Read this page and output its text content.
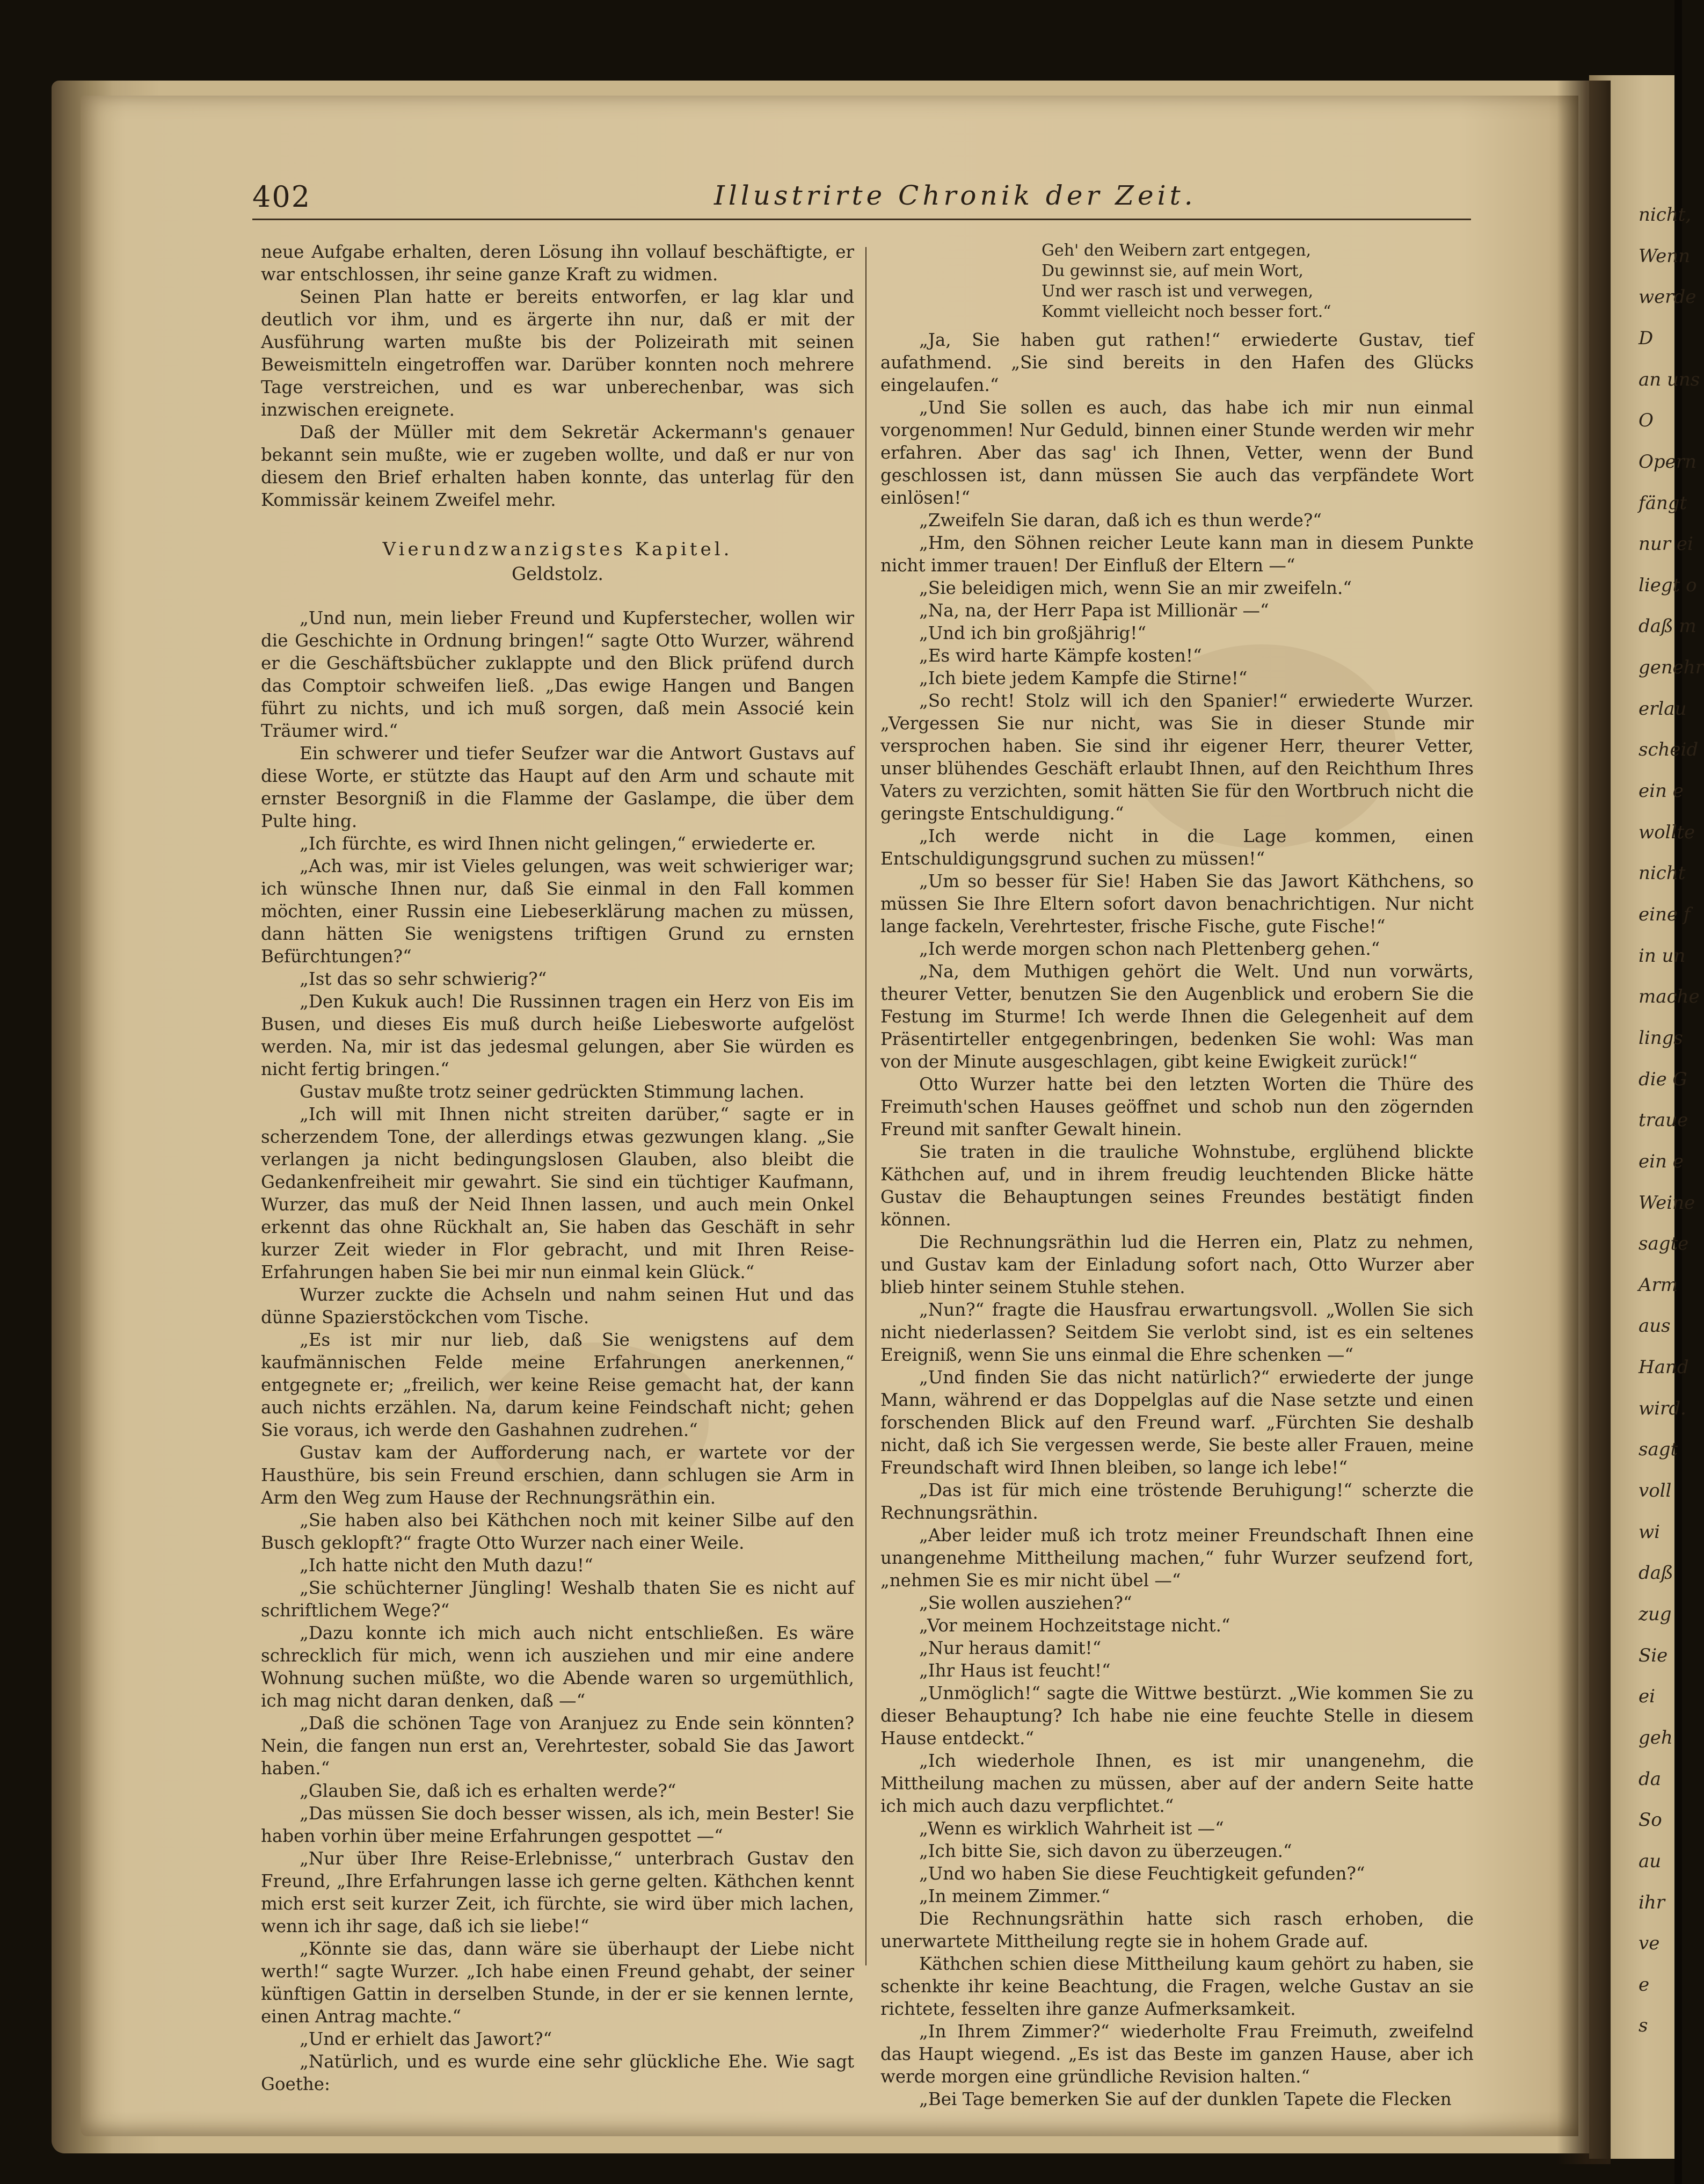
nicht,
Wenn
werde
D
an uns
O
Opern
fängt
nur ei
liegt o
daß m
genehr
erlau
scheid
ein e
wollte
nicht
eine f
in un
mache
lings
die G
traue
ein e
Weine
sagte
Arm
aus
Hand
wird.
sagt
voll
wi
daß
zug
Sie
ei
geh
da
So
au
ihr
ve
e
s
402	Illustrirte Chronik der Zeit.

neue Aufgabe erhalten, deren Lösung ihn vollauf beschäftigte, er war entschlossen, ihr seine ganze Kraft zu widmen.

Seinen Plan hatte er bereits entworfen, er lag klar und deutlich vor ihm, und es ärgerte ihn nur, daß er mit der Ausführung warten mußte bis der Polizeirath mit seinen Beweismitteln eingetroffen war. Darüber konnten noch mehrere Tage verstreichen, und es war unberechenbar, was sich inzwischen ereignete.

Daß der Müller mit dem Sekretär Ackermann's genauer bekannt sein mußte, wie er zugeben wollte, und daß er nur von diesem den Brief erhalten haben konnte, das unterlag für den Kommissär keinem Zweifel mehr.

Vierundzwanzigstes Kapitel.
Geldstolz.

„Und nun, mein lieber Freund und Kupferstecher, wollen wir die Geschichte in Ordnung bringen!“ sagte Otto Wurzer, während er die Geschäftsbücher zuklappte und den Blick prüfend durch das Comptoir schweifen ließ. „Das ewige Hangen und Bangen führt zu nichts, und ich muß sorgen, daß mein Associé kein Träumer wird.“

Ein schwerer und tiefer Seufzer war die Antwort Gustavs auf diese Worte, er stützte das Haupt auf den Arm und schaute mit ernster Besorgniß in die Flamme der Gaslampe, die über dem Pulte hing.

„Ich fürchte, es wird Ihnen nicht gelingen,“ erwiederte er.

„Ach was, mir ist Vieles gelungen, was weit schwieriger war; ich wünsche Ihnen nur, daß Sie einmal in den Fall kommen möchten, einer Russin eine Liebeserklärung machen zu müssen, dann hätten Sie wenigstens triftigen Grund zu ernsten Befürchtungen?“

„Ist das so sehr schwierig?“

„Den Kukuk auch! Die Russinnen tragen ein Herz von Eis im Busen, und dieses Eis muß durch heiße Liebesworte aufgelöst werden. Na, mir ist das jedesmal gelungen, aber Sie würden es nicht fertig bringen.“

Gustav mußte trotz seiner gedrückten Stimmung lachen.

„Ich will mit Ihnen nicht streiten darüber,“ sagte er in scherzendem Tone, der allerdings etwas gezwungen klang. „Sie verlangen ja nicht bedingungslosen Glauben, also bleibt die Gedankenfreiheit mir gewahrt. Sie sind ein tüchtiger Kaufmann, Wurzer, das muß der Neid Ihnen lassen, und auch mein Onkel erkennt das ohne Rückhalt an, Sie haben das Geschäft in sehr kurzer Zeit wieder in Flor gebracht, und mit Ihren Reise-Erfahrungen haben Sie bei mir nun einmal kein Glück.“

Wurzer zuckte die Achseln und nahm seinen Hut und das dünne Spazierstöckchen vom Tische.

„Es ist mir nur lieb, daß Sie wenigstens auf dem kaufmännischen Felde meine Erfahrungen anerkennen,“ entgegnete er; „freilich, wer keine Reise gemacht hat, der kann auch nichts erzählen. Na, darum keine Feindschaft nicht; gehen Sie voraus, ich werde den Gashahnen zudrehen.“

Gustav kam der Aufforderung nach, er wartete vor der Hausthüre, bis sein Freund erschien, dann schlugen sie Arm in Arm den Weg zum Hause der Rechnungsräthin ein.

„Sie haben also bei Käthchen noch mit keiner Silbe auf den Busch geklopft?“ fragte Otto Wurzer nach einer Weile.

„Ich hatte nicht den Muth dazu!“

„Sie schüchterner Jüngling! Weshalb thaten Sie es nicht auf schriftlichem Wege?“

„Dazu konnte ich mich auch nicht entschließen. Es wäre schrecklich für mich, wenn ich ausziehen und mir eine andere Wohnung suchen müßte, wo die Abende waren so urgemüthlich, ich mag nicht daran denken, daß —“

„Daß die schönen Tage von Aranjuez zu Ende sein könnten? Nein, die fangen nun erst an, Verehrtester, sobald Sie das Jawort haben.“

„Glauben Sie, daß ich es erhalten werde?“

„Das müssen Sie doch besser wissen, als ich, mein Bester! Sie haben vorhin über meine Erfahrungen gespottet —“

„Nur über Ihre Reise-Erlebnisse,“ unterbrach Gustav den Freund, „Ihre Erfahrungen lasse ich gerne gelten. Käthchen kennt mich erst seit kurzer Zeit, ich fürchte, sie wird über mich lachen, wenn ich ihr sage, daß ich sie liebe!“

„Könnte sie das, dann wäre sie überhaupt der Liebe nicht werth!“ sagte Wurzer. „Ich habe einen Freund gehabt, der seiner künftigen Gattin in derselben Stunde, in der er sie kennen lernte, einen Antrag machte.“

„Und er erhielt das Jawort?“

„Natürlich, und es wurde eine sehr glückliche Ehe. Wie sagt Goethe:

Geh' den Weibern zart entgegen,
Du gewinnst sie, auf mein Wort,
Und wer rasch ist und verwegen,
Kommt vielleicht noch besser fort.“

„Ja, Sie haben gut rathen!“ erwiederte Gustav, tief aufathmend. „Sie sind bereits in den Hafen des Glücks eingelaufen.“

„Und Sie sollen es auch, das habe ich mir nun einmal vorgenommen! Nur Geduld, binnen einer Stunde werden wir mehr erfahren. Aber das sag' ich Ihnen, Vetter, wenn der Bund geschlossen ist, dann müssen Sie auch das verpfändete Wort einlösen!“

„Zweifeln Sie daran, daß ich es thun werde?“

„Hm, den Söhnen reicher Leute kann man in diesem Punkte nicht immer trauen! Der Einfluß der Eltern —“

„Sie beleidigen mich, wenn Sie an mir zweifeln.“

„Na, na, der Herr Papa ist Millionär —“

„Und ich bin großjährig!“

„Es wird harte Kämpfe kosten!“

„Ich biete jedem Kampfe die Stirne!“

„So recht! Stolz will ich den Spanier!“ erwiederte Wurzer. „Vergessen Sie nur nicht, was Sie in dieser Stunde mir versprochen haben. Sie sind ihr eigener Herr, theurer Vetter, unser blühendes Geschäft erlaubt Ihnen, auf den Reichthum Ihres Vaters zu verzichten, somit hätten Sie für den Wortbruch nicht die geringste Entschuldigung.“

„Ich werde nicht in die Lage kommen, einen Entschuldigungsgrund suchen zu müssen!“

„Um so besser für Sie! Haben Sie das Jawort Käthchens, so müssen Sie Ihre Eltern sofort davon benachrichtigen. Nur nicht lange fackeln, Verehrtester, frische Fische, gute Fische!“

„Ich werde morgen schon nach Plettenberg gehen.“

„Na, dem Muthigen gehört die Welt. Und nun vorwärts, theurer Vetter, benutzen Sie den Augenblick und erobern Sie die Festung im Sturme! Ich werde Ihnen die Gelegenheit auf dem Präsentirteller entgegenbringen, bedenken Sie wohl: Was man von der Minute ausgeschlagen, gibt keine Ewigkeit zurück!“

Otto Wurzer hatte bei den letzten Worten die Thüre des Freimuth'schen Hauses geöffnet und schob nun den zögernden Freund mit sanfter Gewalt hinein.

Sie traten in die trauliche Wohnstube, erglühend blickte Käthchen auf, und in ihrem freudig leuchtenden Blicke hätte Gustav die Behauptungen seines Freundes bestätigt finden können.

Die Rechnungsräthin lud die Herren ein, Platz zu nehmen, und Gustav kam der Einladung sofort nach, Otto Wurzer aber blieb hinter seinem Stuhle stehen.

„Nun?“ fragte die Hausfrau erwartungsvoll. „Wollen Sie sich nicht niederlassen? Seitdem Sie verlobt sind, ist es ein seltenes Ereigniß, wenn Sie uns einmal die Ehre schenken —“

„Und finden Sie das nicht natürlich?“ erwiederte der junge Mann, während er das Doppelglas auf die Nase setzte und einen forschenden Blick auf den Freund warf. „Fürchten Sie deshalb nicht, daß ich Sie vergessen werde, Sie beste aller Frauen, meine Freundschaft wird Ihnen bleiben, so lange ich lebe!“

„Das ist für mich eine tröstende Beruhigung!“ scherzte die Rechnungsräthin.

„Aber leider muß ich trotz meiner Freundschaft Ihnen eine unangenehme Mittheilung machen,“ fuhr Wurzer seufzend fort, „nehmen Sie es mir nicht übel —“

„Sie wollen ausziehen?“

„Vor meinem Hochzeitstage nicht.“

„Nur heraus damit!“

„Ihr Haus ist feucht!“

„Unmöglich!“ sagte die Wittwe bestürzt. „Wie kommen Sie zu dieser Behauptung? Ich habe nie eine feuchte Stelle in diesem Hause entdeckt.“

„Ich wiederhole Ihnen, es ist mir unangenehm, die Mittheilung machen zu müssen, aber auf der andern Seite hatte ich mich auch dazu verpflichtet.“

„Wenn es wirklich Wahrheit ist —“

„Ich bitte Sie, sich davon zu überzeugen.“

„Und wo haben Sie diese Feuchtigkeit gefunden?“

„In meinem Zimmer.“

Die Rechnungsräthin hatte sich rasch erhoben, die unerwartete Mittheilung regte sie in hohem Grade auf.

Käthchen schien diese Mittheilung kaum gehört zu haben, sie schenkte ihr keine Beachtung, die Fragen, welche Gustav an sie richtete, fesselten ihre ganze Aufmerksamkeit.

„In Ihrem Zimmer?“ wiederholte Frau Freimuth, zweifelnd das Haupt wiegend. „Es ist das Beste im ganzen Hause, aber ich werde morgen eine gründliche Revision halten.“

„Bei Tage bemerken Sie auf der dunklen Tapete die Flecken
